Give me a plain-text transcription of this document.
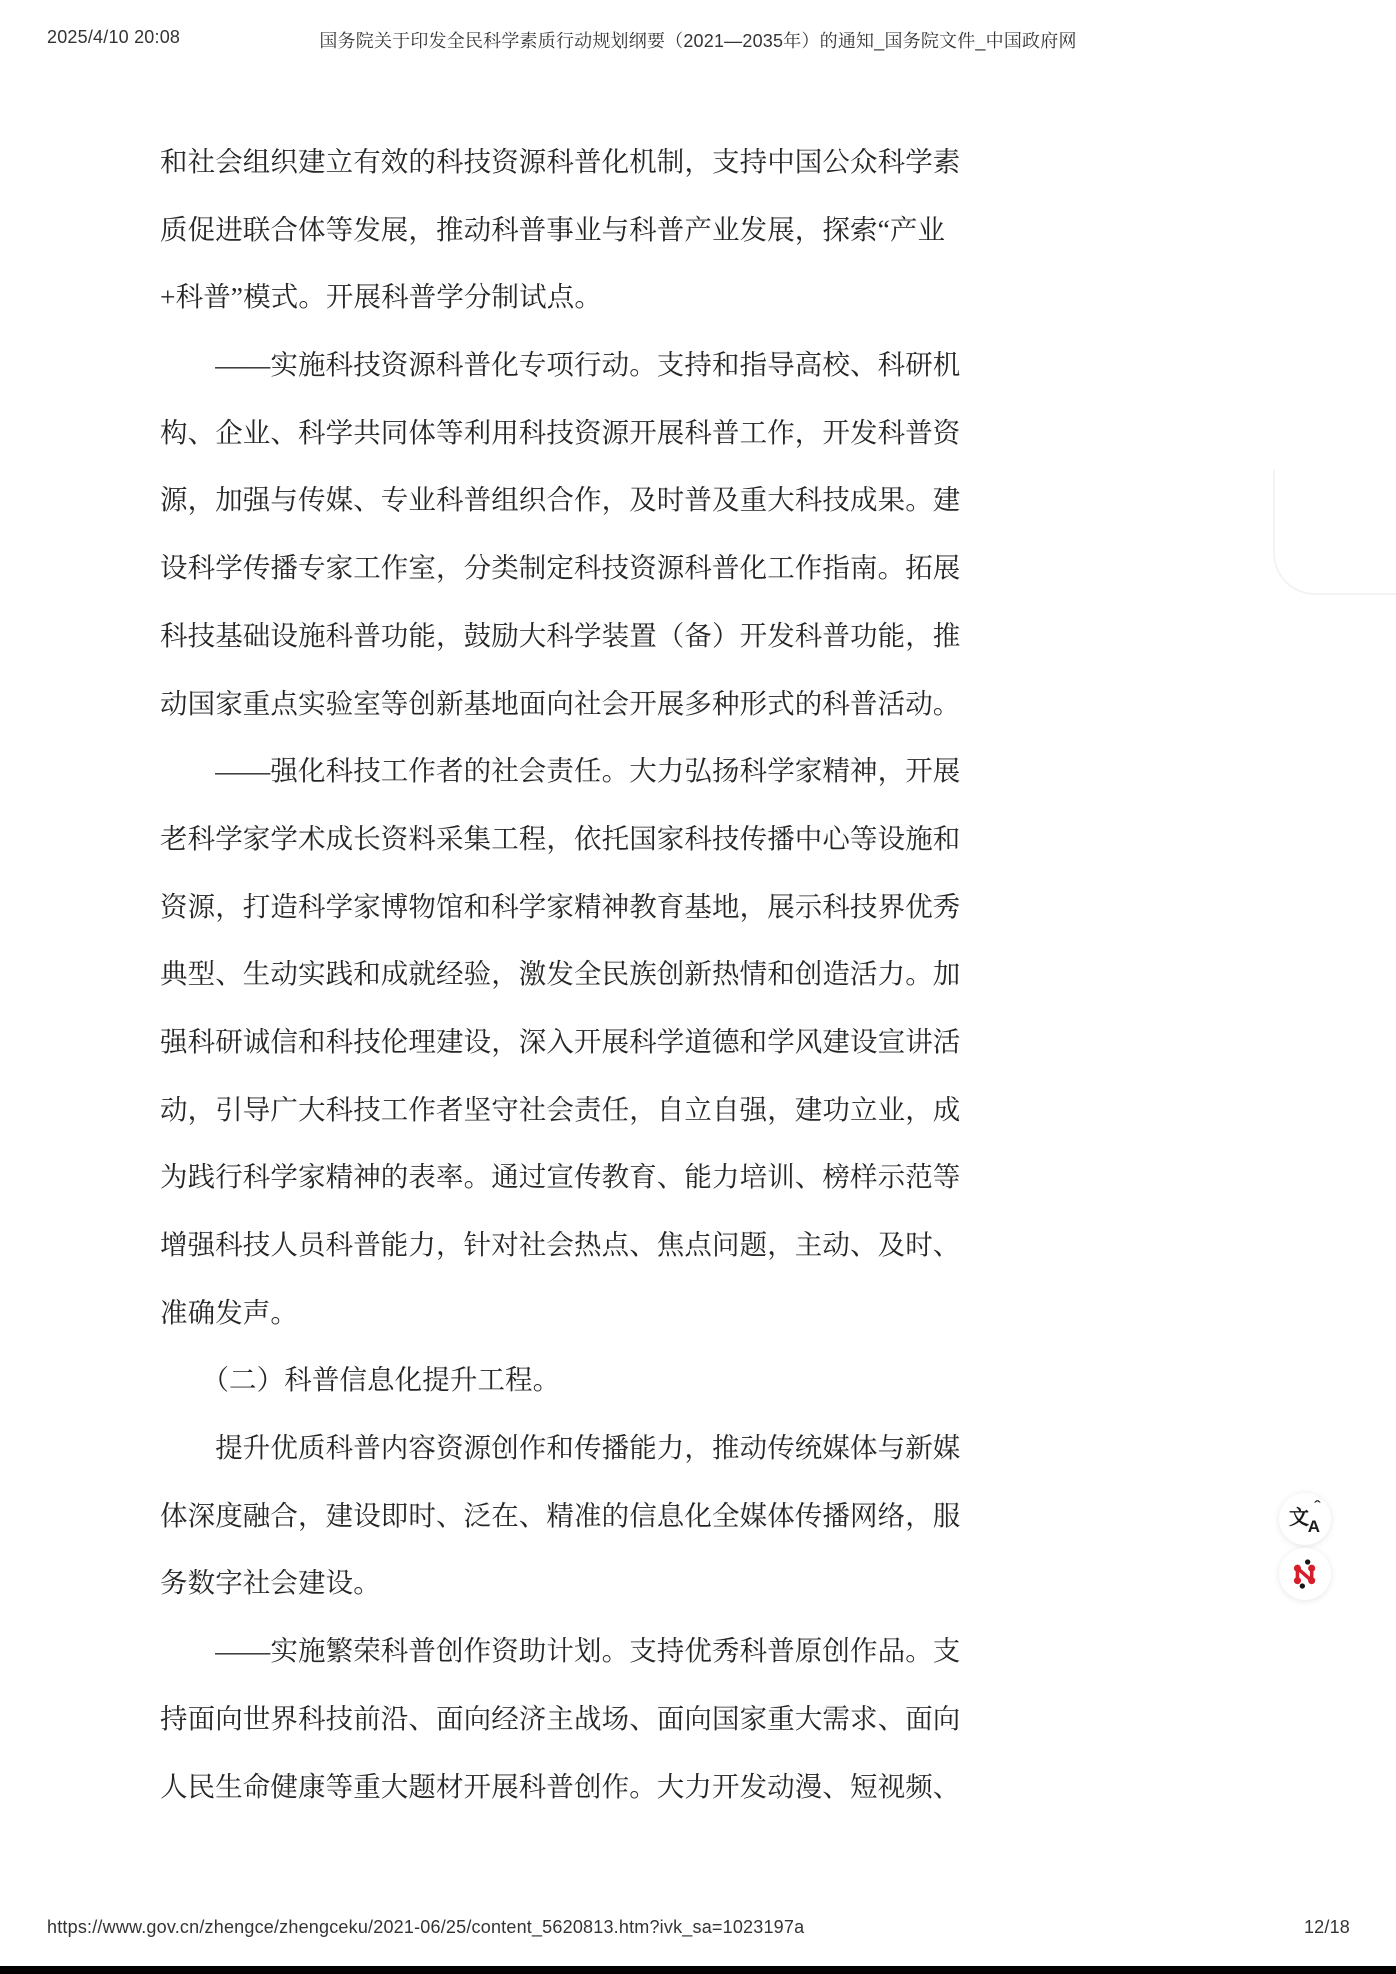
2025/4/10 20:08	国务院关于印发全民科学素质行动规划纲要（2021—2035年）的通知_国务院文件_中国政府网
和社会组织建立有效的科技资源科普化机制，支持中国公众科学素
质促进联合体等发展，推动科普事业与科普产业发展，探索“产业
+科普”模式。开展科普学分制试点。
　　——实施科技资源科普化专项行动。支持和指导高校、科研机
构、企业、科学共同体等利用科技资源开展科普工作，开发科普资
源，加强与传媒、专业科普组织合作，及时普及重大科技成果。建
设科学传播专家工作室，分类制定科技资源科普化工作指南。拓展
科技基础设施科普功能，鼓励大科学装置（备）开发科普功能，推
动国家重点实验室等创新基地面向社会开展多种形式的科普活动。
　　——强化科技工作者的社会责任。大力弘扬科学家精神，开展
老科学家学术成长资料采集工程，依托国家科技传播中心等设施和
资源，打造科学家博物馆和科学家精神教育基地，展示科技界优秀
典型、生动实践和成就经验，激发全民族创新热情和创造活力。加
强科研诚信和科技伦理建设，深入开展科学道德和学风建设宣讲活
动，引导广大科技工作者坚守社会责任，自立自强，建功立业，成
为践行科学家精神的表率。通过宣传教育、能力培训、榜样示范等
增强科技人员科普能力，针对社会热点、焦点问题，主动、及时、
准确发声。
　　（二）科普信息化提升工程。
　　提升优质科普内容资源创作和传播能力，推动传统媒体与新媒
体深度融合，建设即时、泛在、精准的信息化全媒体传播网络，服
务数字社会建设。
　　——实施繁荣科普创作资助计划。支持优秀科普原创作品。支
持面向世界科技前沿、面向经济主战场、面向国家重大需求、面向
人民生命健康等重大题材开展科普创作。大力开发动漫、短视频、
文
ˆ
A
https://www.gov.cn/zhengce/zhengceku/2021-06/25/content_5620813.htm?ivk_sa=1023197a	12/18
